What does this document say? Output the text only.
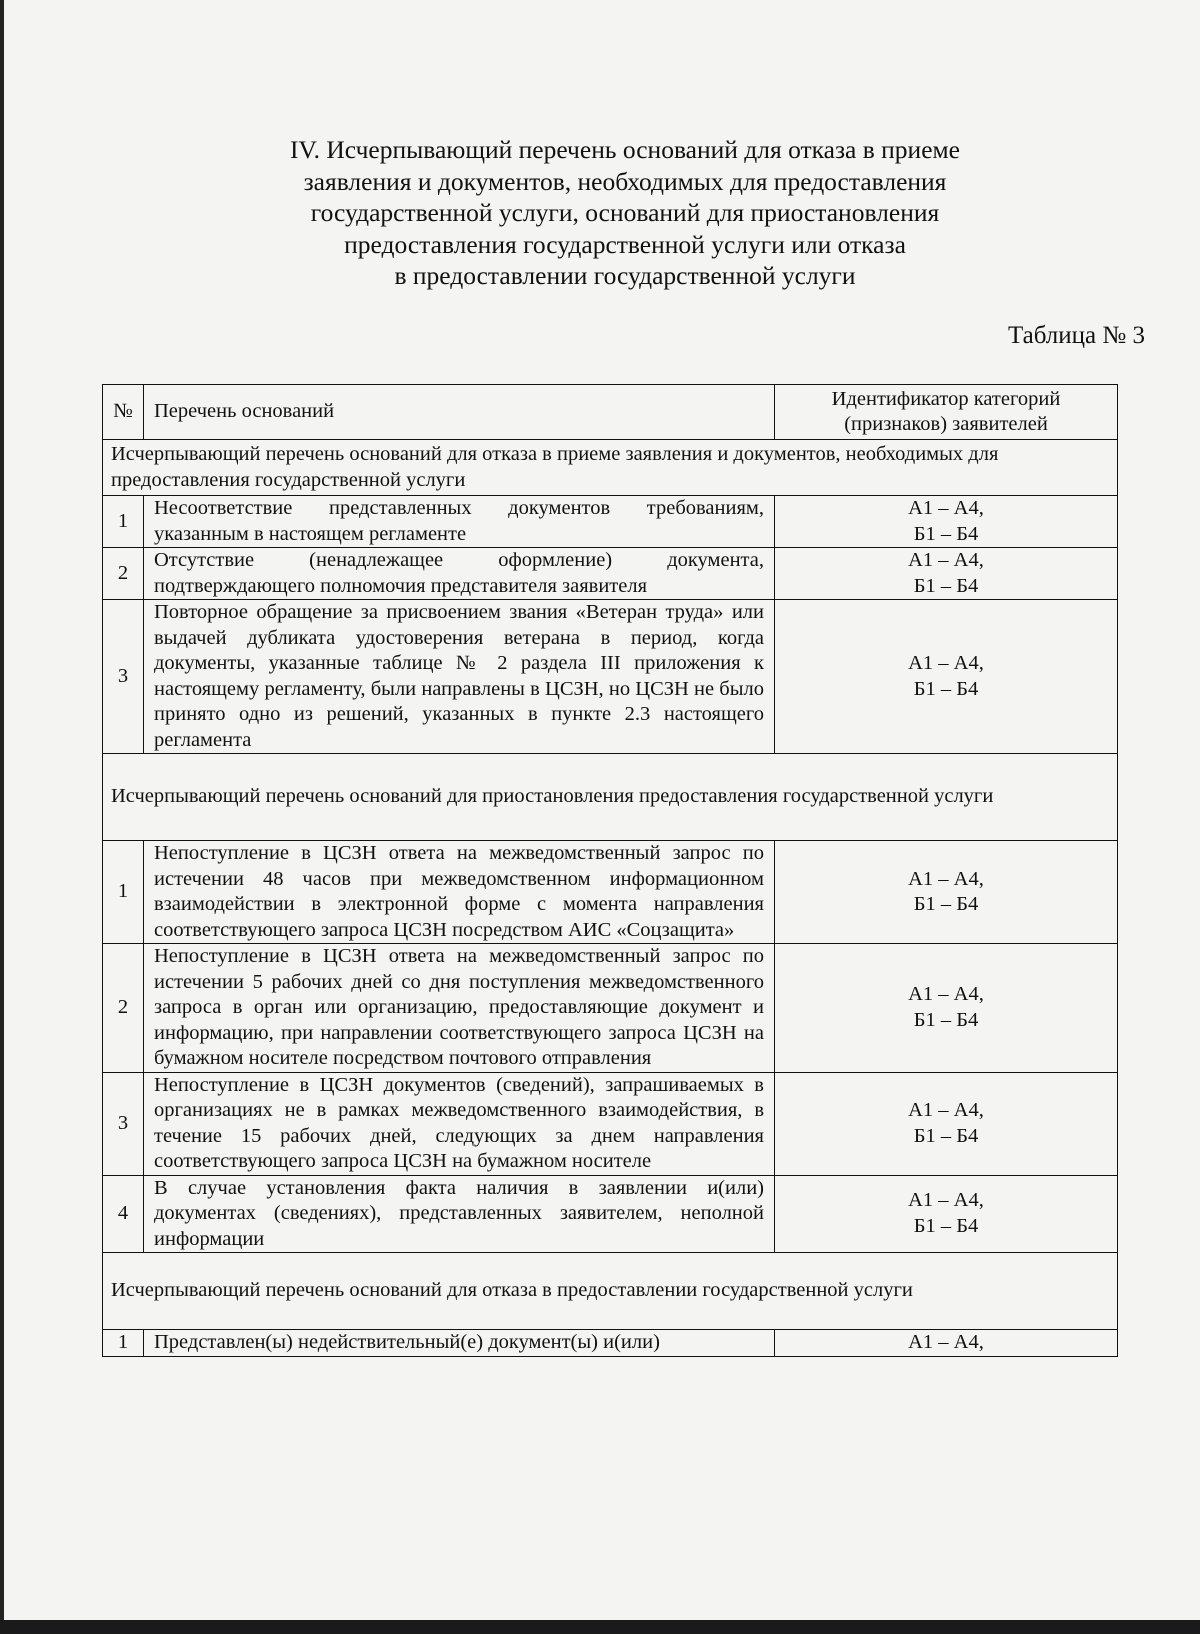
IV. Исчерпывающий перечень оснований для отказа в приеме
заявления и документов, необходимых для предоставления
государственной услуги, оснований для приостановления
предоставления государственной услуги или отказа
в предоставлении государственной услуги
Таблица № 3
№	Перечень оснований	Идентификатор категорий (признаков) заявителей
Исчерпывающий перечень оснований для отказа в приеме заявления и документов, необходимых для предоставления государственной услуги		
1	Несоответствие представленных документов требованиям, указанным в настоящем регламенте	А1 – А4,
Б1 – Б4

2	Отсутствие (ненадлежащее оформление) документа, подтверждающего полномочия представителя заявителя	А1 – А4,
Б1 – Б4

3	Повторное обращение за присвоением звания «Ветеран труда» или выдачей дубликата удостоверения ветерана в период, когда документы, указанные таблице № 2 раздела III приложения к настоящему регламенту, были направлены в ЦСЗН, но ЦСЗН не было принято одно из решений, указанных в пункте 2.3 настоящего регламента	А1 – А4,
Б1 – Б4

Исчерпывающий перечень оснований для приостановления предоставления государственной услуги		
1	Непоступление в ЦСЗН ответа на межведомственный запрос по истечении 48 часов при межведомственном информационном взаимодействии в электронной форме с момента направления соответствующего запроса ЦСЗН посредством АИС «Соцзащита»	А1 – А4,
Б1 – Б4

2	Непоступление в ЦСЗН ответа на межведомственный запрос по истечении 5 рабочих дней со дня поступления межведомственного запроса в орган или организацию, предоставляющие документ и информацию, при направлении соответствующего запроса ЦСЗН на бумажном носителе посредством почтового отправления	А1 – А4,
Б1 – Б4

3	Непоступление в ЦСЗН документов (сведений), запрашиваемых в организациях не в рамках межведомственного взаимодействия, в течение 15 рабочих дней, следующих за днем направления соответствующего запроса ЦСЗН на бумажном носителе	А1 – А4,
Б1 – Б4

4	В случае установления факта наличия в заявлении и(или) документах (сведениях), представленных заявителем, неполной информации	А1 – А4,
Б1 – Б4

Исчерпывающий перечень оснований для отказа в предоставлении государственной услуги		
1	Представлен(ы) недействительный(е) документ(ы) и(или)	А1 – А4,
